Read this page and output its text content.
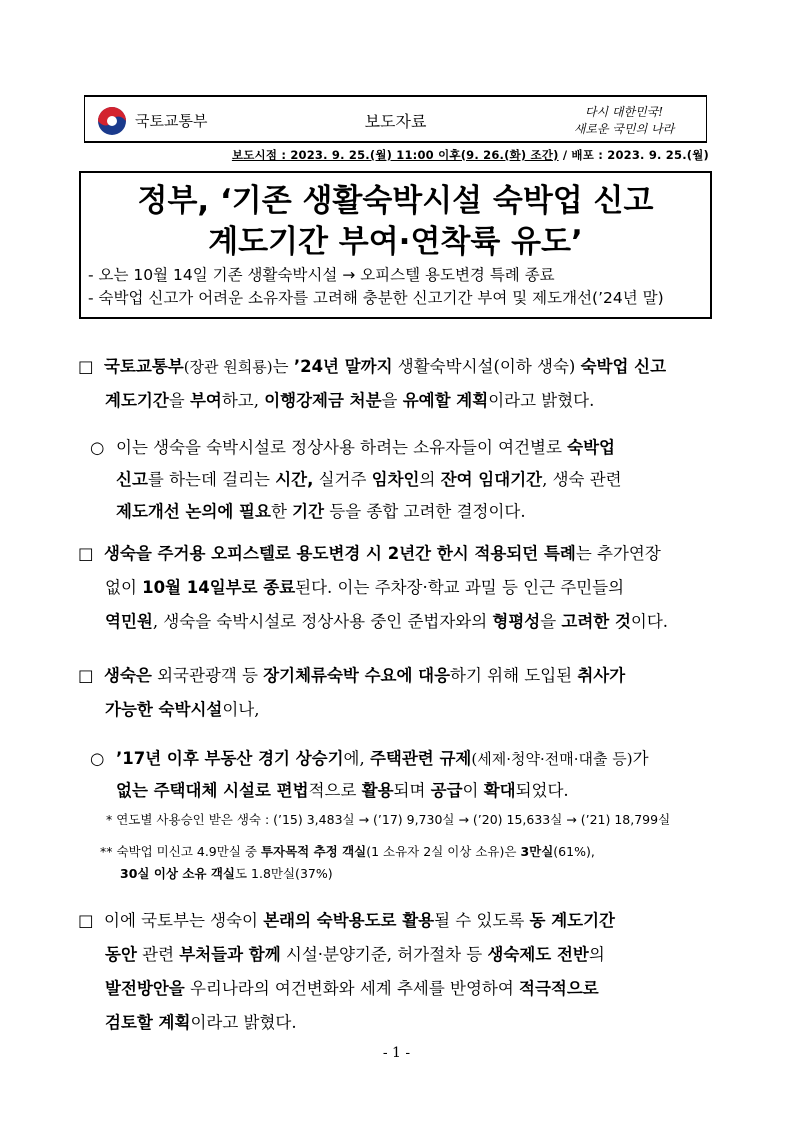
국토교통부	보도자료	다시 대한민국!
새로운 국민의 나라
보도시점 : 2023. 9. 25.(월) 11:00 이후(9. 26.(화) 조간) / 배포 : 2023. 9. 25.(월)
정부, ‘기존 생활숙박시설 숙박업 신고
계도기간 부여·연착륙 유도’
- 오는 10월 14일 기존 생활숙박시설 → 오피스텔 용도변경 특례 종료
- 숙박업 신고가 어려운 소유자를 고려해 충분한 신고기간 부여 및 제도개선(’24년 말)
□ 국토교통부(장관 원희룡)는 ’24년 말까지 생활숙박시설(이하 생숙) 숙박업 신고
계도기간을 부여하고, 이행강제금 처분을 유예할 계획이라고 밝혔다.
○ 이는 생숙을 숙박시설로 정상사용 하려는 소유자들이 여건별로 숙박업
신고를 하는데 걸리는 시간, 실거주 임차인의 잔여 임대기간, 생숙 관련
제도개선 논의에 필요한 기간 등을 종합 고려한 결정이다.
□ 생숙을 주거용 오피스텔로 용도변경 시 2년간 한시 적용되던 특례는 추가연장
없이 10월 14일부로 종료된다. 이는 주차장·학교 과밀 등 인근 주민들의
역민원, 생숙을 숙박시설로 정상사용 중인 준법자와의 형평성을 고려한 것이다.
□ 생숙은 외국관광객 등 장기체류숙박 수요에 대응하기 위해 도입된 취사가
가능한 숙박시설이나,
○ ’17년 이후 부동산 경기 상승기에, 주택관련 규제(세제·청약·전매·대출 등)가
없는 주택대체 시설로 편법적으로 활용되며 공급이 확대되었다.
* 연도별 사용승인 받은 생숙 : (’15) 3,483실 → (’17) 9,730실 → (’20) 15,633실 → (’21) 18,799실
** 숙박업 미신고 4.9만실 중 투자목적 추정 객실(1 소유자 2실 이상 소유)은 3만실(61%),
30실 이상 소유 객실도 1.8만실(37%)
□ 이에 국토부는 생숙이 본래의 숙박용도로 활용될 수 있도록 동 계도기간
동안 관련 부처들과 함께 시설·분양기준, 허가절차 등 생숙제도 전반의
발전방안을 우리나라의 여건변화와 세계 추세를 반영하여 적극적으로
검토할 계획이라고 밝혔다.
- 1 -
